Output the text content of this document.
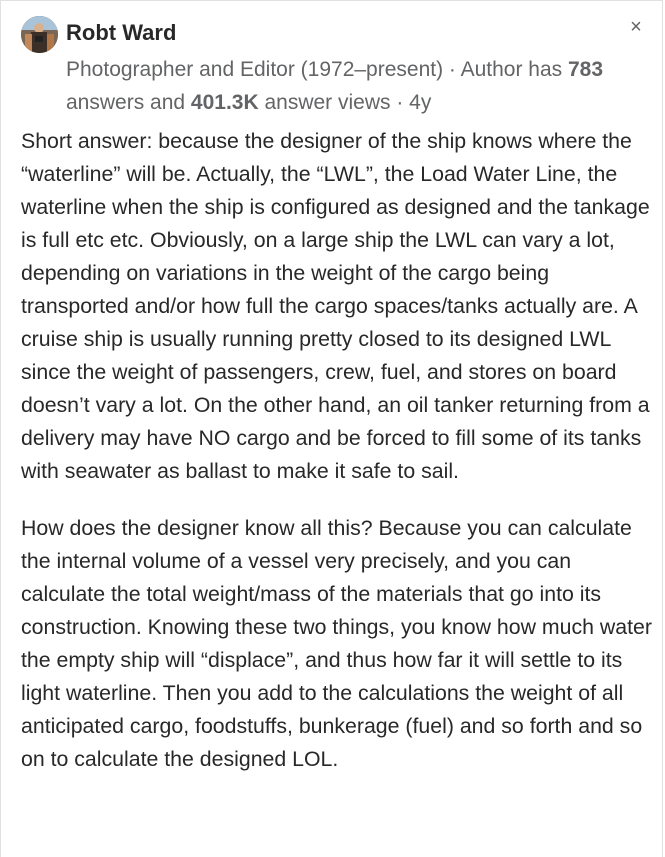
Robt Ward
Photographer and Editor (1972–present) · Author has 783 answers and 401.3K answer views · 4y
×

Short answer: because the designer of the ship knows where the “waterline” will be. Actually, the “LWL”, the Load Water Line, the waterline when the ship is configured as designed and the tankage is full etc etc. Obviously, on a large ship the LWL can vary a lot, depending on variations in the weight of the cargo being transported and/or how full the cargo spaces/tanks actually are. A cruise ship is usually running pretty closed to its designed LWL since the weight of passengers, crew, fuel, and stores on board doesn’t vary a lot. On the other hand, an oil tanker returning from a delivery may have NO cargo and be forced to fill some of its tanks with seawater as ballast to make it safe to sail.

How does the designer know all this? Because you can calculate the internal volume of a vessel very precisely, and you can calculate the total weight/mass of the materials that go into its construction. Knowing these two things, you know how much water the empty ship will “displace”, and thus how far it will settle to its light waterline. Then you add to the calculations the weight of all anticipated cargo, foodstuffs, bunkerage (fuel) and so forth and so on to calculate the designed LOL.
